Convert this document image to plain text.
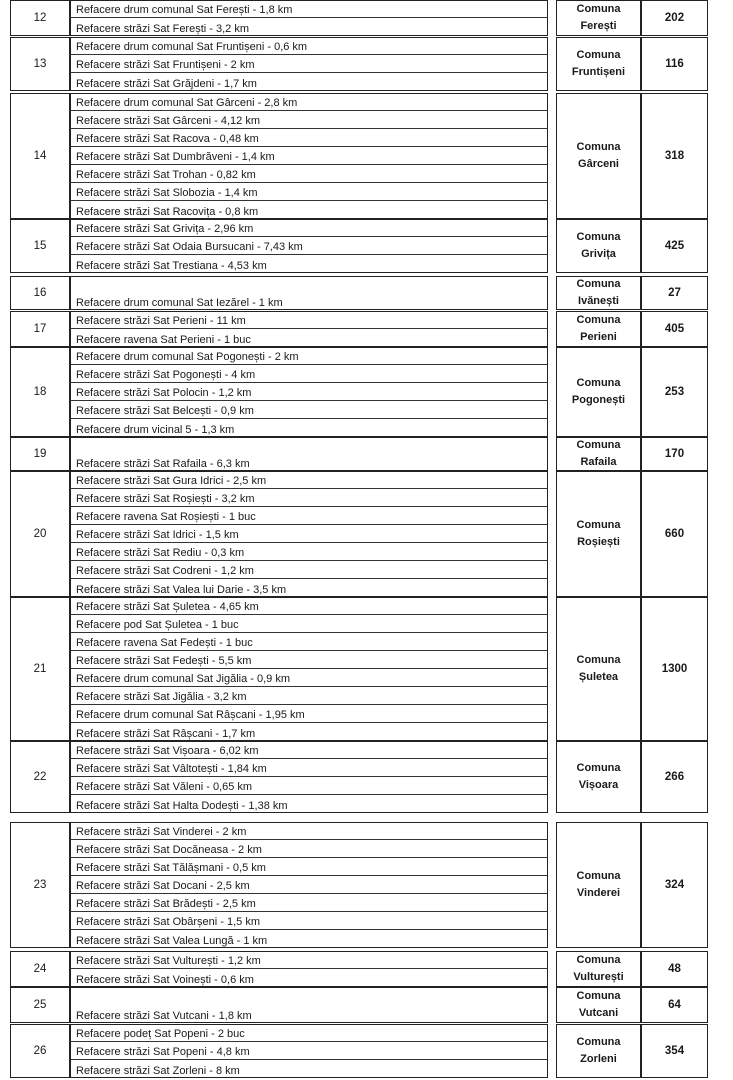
12
Refacere drum comunal Sat Ferești - 1,8 km
Refacere străzi Sat Ferești - 3,2 km
Comuna
Ferești
202
13
Refacere drum comunal Sat Fruntișeni - 0,6 km
Refacere străzi Sat Fruntișeni - 2 km
Refacere străzi Sat Grăjdeni - 1,7 km
Comuna
Fruntișeni
116
14
Refacere drum comunal Sat Gârceni - 2,8 km
Refacere străzi Sat Gârceni - 4,12 km
Refacere străzi Sat Racova - 0,48 km
Refacere străzi Sat Dumbrăveni - 1,4 km
Refacere străzi Sat Trohan - 0,82 km
Refacere străzi Sat Slobozia - 1,4 km
Refacere străzi Sat Racovița - 0,8 km
Comuna
Gârceni
318
15
Refacere străzi Sat Grivița - 2,96 km
Refacere străzi Sat Odaia Bursucani - 7,43 km
Refacere străzi Sat Trestiana - 4,53 km
Comuna
Grivița
425
16
Refacere drum comunal Sat Iezărel - 1 km
Comuna
Ivănești
27
17
Refacere străzi Sat Perieni - 11 km
Refacere ravena Sat Perieni - 1 buc
Comuna
Perieni
405
18
Refacere drum comunal Sat Pogonești - 2 km
Refacere străzi Sat Pogonești - 4 km
Refacere străzi Sat Polocin - 1,2 km
Refacere străzi Sat Belcești - 0,9 km
Refacere drum vicinal 5 - 1,3 km
Comuna
Pogonești
253
19
Refacere străzi Sat Rafaila - 6,3 km
Comuna
Rafaila
170
20
Refacere străzi Sat Gura Idrici - 2,5 km
Refacere străzi Sat Roșiești - 3,2 km
Refacere ravena Sat Roșiești - 1 buc
Refacere străzi Sat Idrici - 1,5 km
Refacere străzi Sat Rediu - 0,3 km
Refacere străzi Sat Codreni - 1,2 km
Refacere străzi Sat Valea lui Darie - 3,5 km
Comuna
Roșiești
660
21
Refacere străzi Sat Șuletea - 4,65 km
Refacere pod Sat Șuletea - 1 buc
Refacere ravena Sat Fedești - 1 buc
Refacere străzi Sat Fedești - 5,5 km
Refacere drum comunal Sat Jigălia - 0,9 km
Refacere străzi Sat Jigălia - 3,2 km
Refacere drum comunal Sat Râșcani - 1,95 km
Refacere străzi Sat Râșcani - 1,7 km
Comuna
Șuletea
1300
22
Refacere străzi Sat Vișoara - 6,02 km
Refacere străzi Sat Vâltotești - 1,84 km
Refacere străzi Sat Văleni - 0,65 km
Refacere străzi Sat Halta Dodești - 1,38 km
Comuna
Vișoara
266
23
Refacere străzi Sat Vinderei - 2 km
Refacere străzi Sat Docăneasa - 2 km
Refacere străzi Sat Tălășmani - 0,5 km
Refacere străzi Sat Docani - 2,5 km
Refacere străzi Sat Brădești - 2,5 km
Refacere străzi Sat Obârșeni - 1,5 km
Refacere străzi Sat Valea Lungă - 1 km
Comuna
Vinderei
324
24
Refacere străzi Sat Vulturești - 1,2 km
Refacere străzi Sat Voinești - 0,6 km
Comuna
Vulturești
48
25
Refacere străzi Sat Vutcani - 1,8 km
Comuna
Vutcani
64
26
Refacere podeț Sat Popeni - 2 buc
Refacere străzi Sat Popeni - 4,8 km
Refacere străzi Sat Zorleni - 8 km
Comuna
Zorleni
354
